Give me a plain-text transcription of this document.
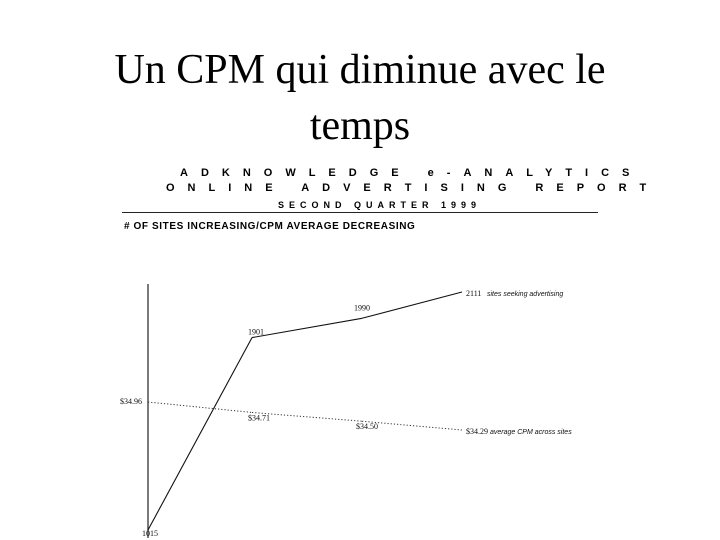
Un CPM qui diminue avec le temps
ADKNOWLEDGE e-ANALYTICS
ONLINE ADVERTISING REPORT
SECOND QUARTER 1999
# OF SITES INCREASING/CPM AVERAGE DECREASING
1015
1901
1990
2111 sites seeking advertising
$34.96
$34.71
$34.50
$34.29 average CPM across sites
